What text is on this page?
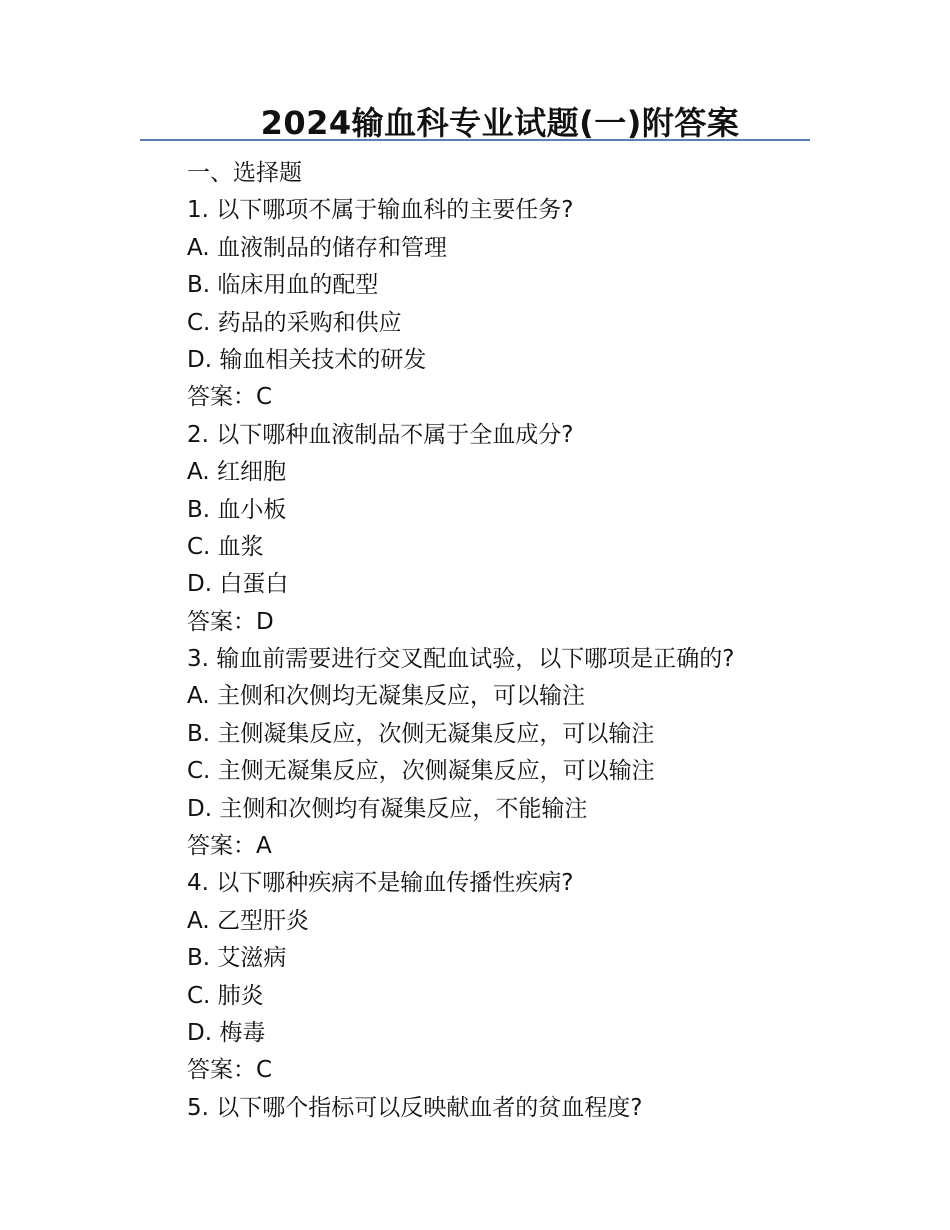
2024输血科专业试题(一)附答案
一、选择题
1. 以下哪项不属于输血科的主要任务?
A. 血液制品的储存和管理
B. 临床用血的配型
C. 药品的采购和供应
D. 输血相关技术的研发
答案：C
2. 以下哪种血液制品不属于全血成分?
A. 红细胞
B. 血小板
C. 血浆
D. 白蛋白
答案：D
3. 输血前需要进行交叉配血试验，以下哪项是正确的?
A. 主侧和次侧均无凝集反应，可以输注
B. 主侧凝集反应，次侧无凝集反应，可以输注
C. 主侧无凝集反应，次侧凝集反应，可以输注
D. 主侧和次侧均有凝集反应，不能输注
答案：A
4. 以下哪种疾病不是输血传播性疾病?
A. 乙型肝炎
B. 艾滋病
C. 肺炎
D. 梅毒
答案：C
5. 以下哪个指标可以反映献血者的贫血程度?
